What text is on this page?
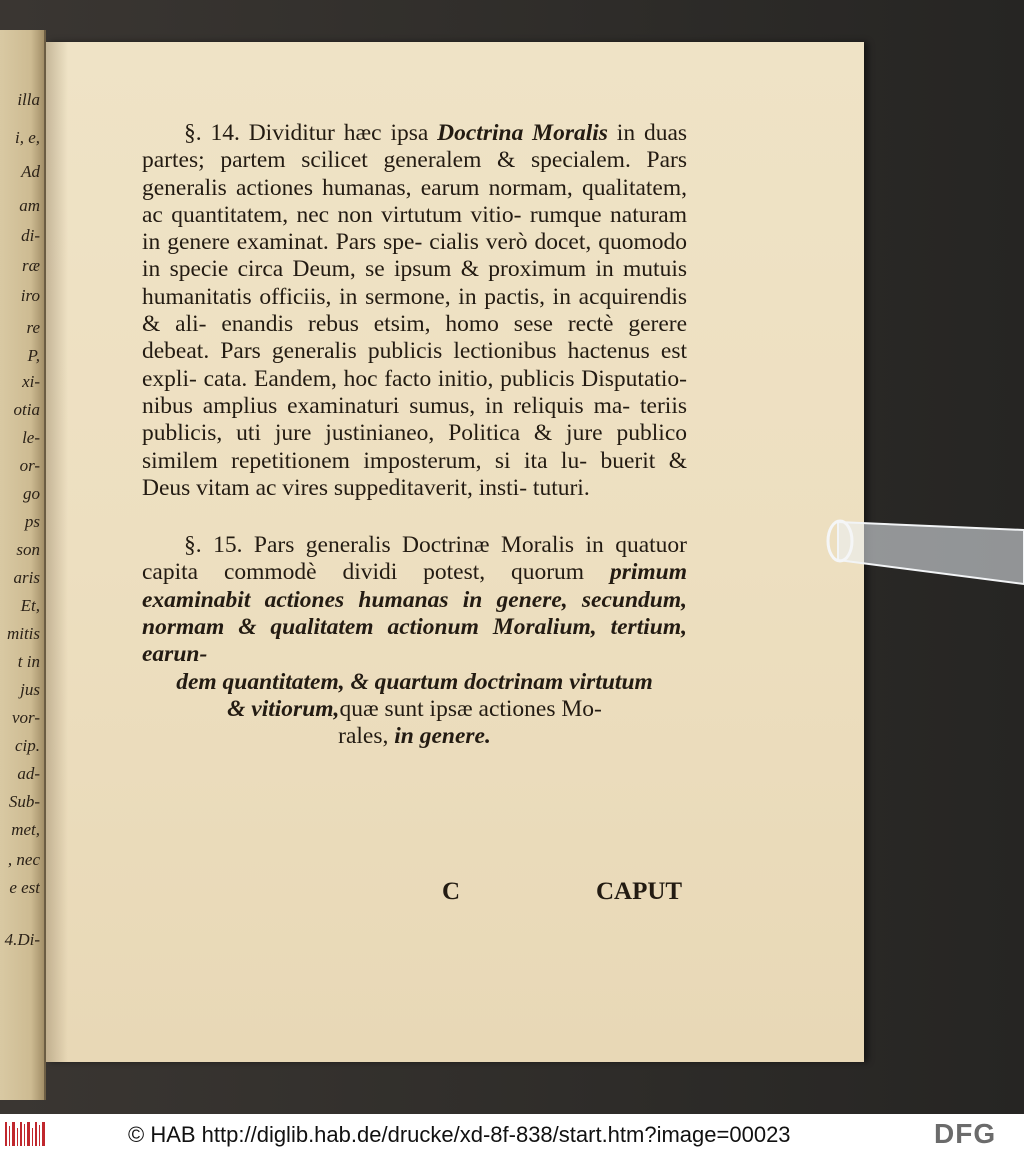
illa
i, e,
Ad
am
di-
ræ
iro
re
P,
xi-
otia
le-
or-
go
ps
son
aris
Et,
mitis
t in
jus
vor-
cip.
ad-
Sub-
met,
, nec
e est
4.Di-
§. 14. Dividitur hæc ipsa Doctrina Moralis in duas partes; partem scilicet generalem & specialem. Pars generalis actiones humanas, earum normam, qualitatem, ac quantitatem, nec non virtutum vitio- rumque naturam in genere examinat. Pars spe- cialis verò docet, quomodo in specie circa Deum, se ipsum & proximum in mutuis humanitatis officiis, in sermone, in pactis, in acquirendis & ali- enandis rebus etsim, homo sese rectè gerere debeat. Pars generalis publicis lectionibus hactenus est expli- cata. Eandem, hoc facto initio, publicis Disputatio- nibus amplius examinaturi sumus, in reliquis ma- teriis publicis, uti jure justinianeo, Politica & jure publico similem repetitionem imposterum, si ita lu- buerit & Deus vitam ac vires suppeditaverit, insti- tuturi.
§. 15. Pars generalis Doctrinæ Moralis in quatuor capita commodè dividi potest, quorum primum examinabit actiones humanas in genere, secundum, normam & qualitatem actionum Moralium, tertium, earun-
dem quantitatem, & quartum doctrinam virtutum
& vitiorum,quæ sunt ipsæ actiones Mo-
rales, in genere.
C	CAPUT
© HAB http://diglib.hab.de/drucke/xd-8f-838/start.htm?image=00023	DFG
